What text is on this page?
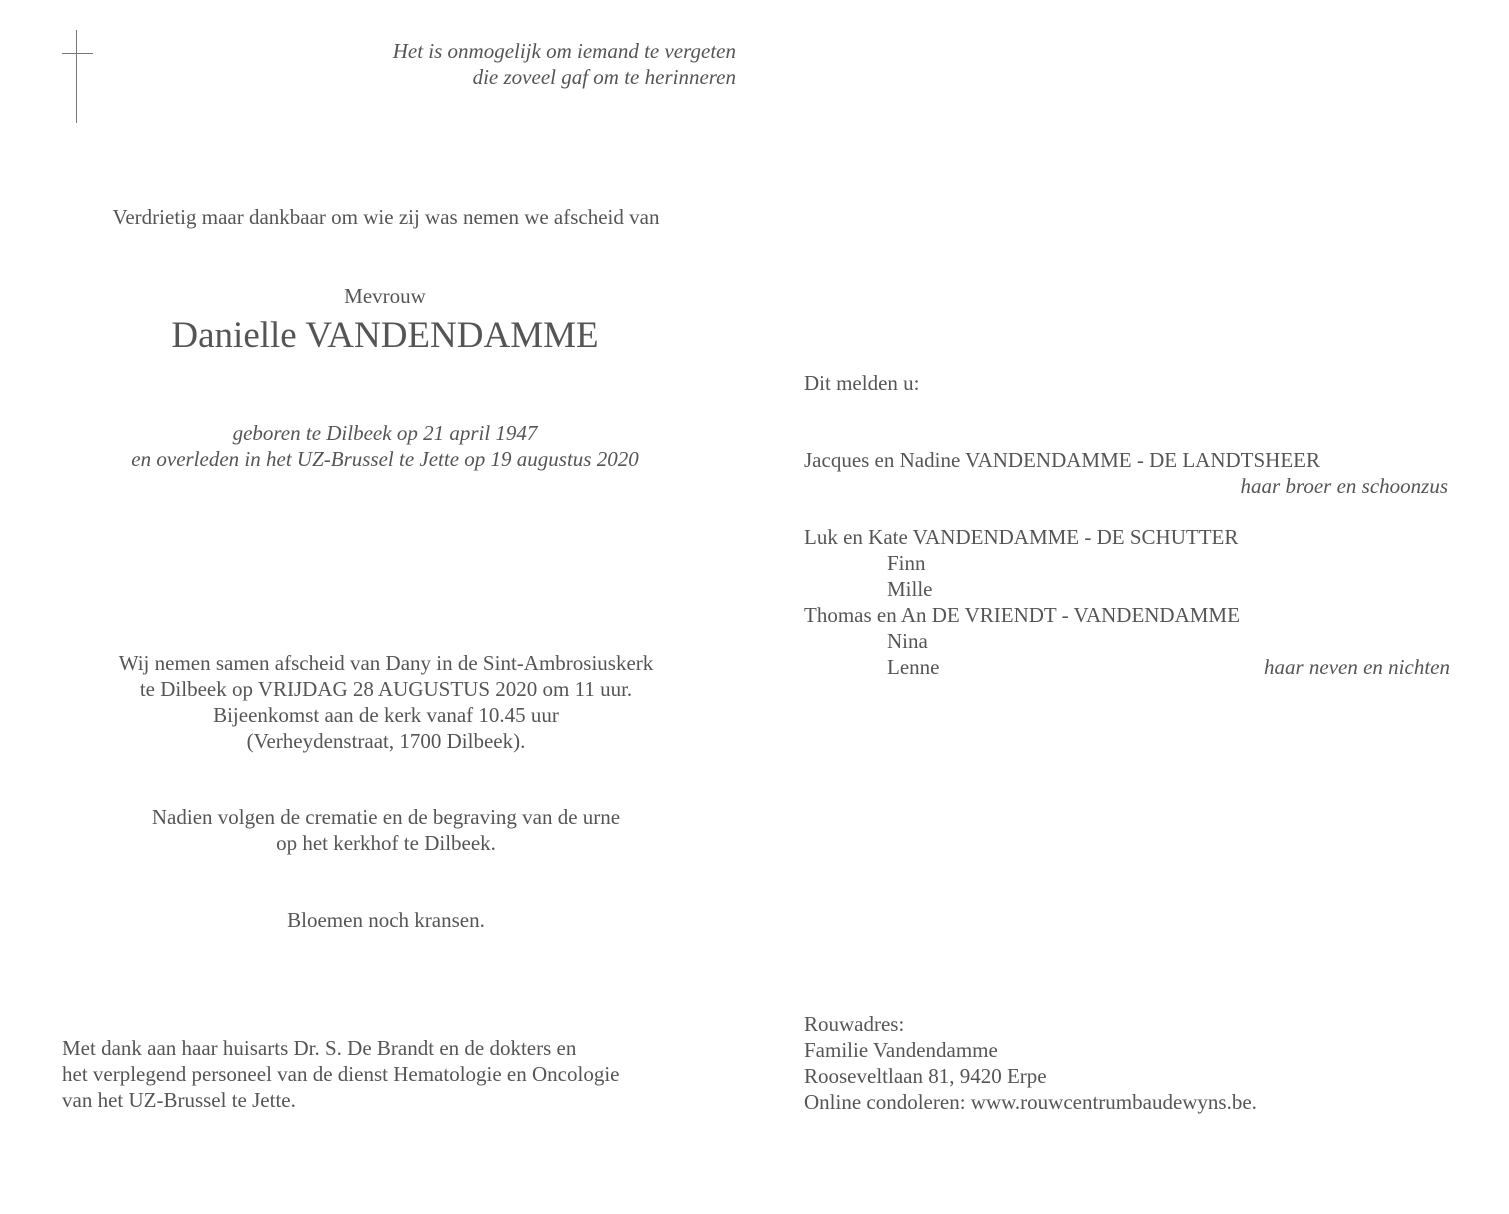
Het is onmogelijk om iemand te vergeten
die zoveel gaf om te herinneren
Verdrietig maar dankbaar om wie zij was nemen we afscheid van
Mevrouw
Danielle VANDENDAMME
geboren te Dilbeek op 21 april 1947
en overleden in het UZ-Brussel te Jette op 19 augustus 2020
Wij nemen samen afscheid van Dany in de Sint-Ambrosiuskerk
te Dilbeek op VRIJDAG 28 AUGUSTUS 2020 om 11 uur.
Bijeenkomst aan de kerk vanaf 10.45 uur
(Verheydenstraat, 1700 Dilbeek).
Nadien volgen de crematie en de begraving van de urne
op het kerkhof te Dilbeek.
Bloemen noch kransen.
Met dank aan haar huisarts Dr. S. De Brandt en de dokters en
het verplegend personeel van de dienst Hematologie en Oncologie
van het UZ-Brussel te Jette.
Dit melden u:
Jacques en Nadine VANDENDAMME - DE LANDTSHEER
haar broer en schoonzus
Luk en Kate VANDENDAMME - DE SCHUTTER
Finn
Mille
Thomas en An DE VRIENDT - VANDENDAMME
Nina
Lenne	haar neven en nichten
Rouwadres:
Familie Vandendamme
Rooseveltlaan 81, 9420 Erpe
Online condoleren: www.rouwcentrumbaudewyns.be.
